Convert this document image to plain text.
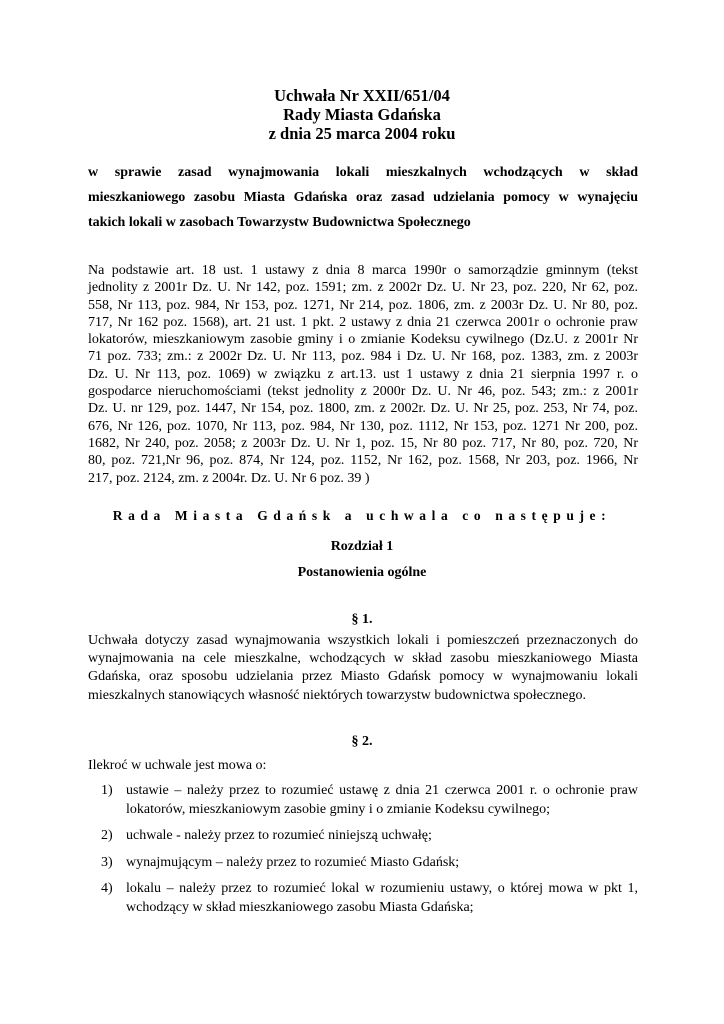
Uchwała Nr XXII/651/04
Rady Miasta Gdańska
z dnia 25 marca 2004 roku
w sprawie zasad wynajmowania lokali mieszkalnych wchodzących w skład
mieszkaniowego zasobu Miasta Gdańska oraz zasad udzielania pomocy w wynajęciu
takich lokali w zasobach Towarzystw Budownictwa Społecznego
Na podstawie art. 18 ust. 1 ustawy z dnia 8 marca 1990r o samorządzie gminnym (tekst
jednolity z 2001r Dz. U. Nr 142, poz. 1591; zm. z 2002r Dz. U. Nr 23, poz. 220, Nr 62, poz.
558, Nr 113, poz. 984, Nr 153, poz. 1271, Nr 214, poz. 1806, zm. z 2003r Dz. U. Nr 80, poz.
717, Nr 162 poz. 1568), art. 21 ust. 1 pkt. 2 ustawy z dnia 21 czerwca 2001r o ochronie praw
lokatorów, mieszkaniowym zasobie gminy i o zmianie Kodeksu cywilnego (Dz.U. z 2001r Nr
71 poz. 733; zm.: z 2002r Dz. U. Nr 113, poz. 984 i Dz. U. Nr 168, poz. 1383, zm. z 2003r
Dz. U. Nr 113, poz. 1069) w związku z art.13. ust 1 ustawy z dnia 21 sierpnia 1997 r. o
gospodarce nieruchomościami (tekst jednolity z 2000r Dz. U. Nr 46, poz. 543; zm.: z 2001r
Dz. U. nr 129, poz. 1447, Nr 154, poz. 1800, zm. z 2002r. Dz. U. Nr 25, poz. 253, Nr 74, poz.
676, Nr 126, poz. 1070, Nr 113, poz. 984, Nr 130, poz. 1112, Nr 153, poz. 1271 Nr 200, poz.
1682, Nr 240, poz. 2058; z 2003r Dz. U. Nr 1, poz. 15, Nr 80 poz. 717, Nr 80, poz. 720, Nr
80, poz. 721,Nr 96, poz. 874, Nr 124, poz. 1152, Nr 162, poz. 1568, Nr 203, poz. 1966, Nr
217, poz. 2124, zm. z 2004r. Dz. U. Nr 6 poz. 39 )
Rada Miasta Gdańsk a uchwala co następuje:
Rozdział 1
Postanowienia ogólne
§ 1.
Uchwała dotyczy zasad wynajmowania wszystkich lokali i pomieszczeń przeznaczonych do
wynajmowania na cele mieszkalne, wchodzących w skład zasobu mieszkaniowego Miasta
Gdańska, oraz sposobu udzielania przez Miasto Gdańsk pomocy w wynajmowaniu lokali
mieszkalnych stanowiących własność niektórych towarzystw budownictwa społecznego.
§ 2.
Ilekroć w uchwale jest mowa o:
1) ustawie – należy przez to rozumieć ustawę z dnia 21 czerwca 2001 r. o ochronie praw
lokatorów, mieszkaniowym zasobie gminy i o zmianie Kodeksu cywilnego;
2) uchwale - należy przez to rozumieć niniejszą uchwałę;
3) wynajmującym – należy przez to rozumieć Miasto Gdańsk;
4) lokalu – należy przez to rozumieć lokal w rozumieniu ustawy, o której mowa w pkt 1,
wchodzący w skład mieszkaniowego zasobu Miasta Gdańska;
